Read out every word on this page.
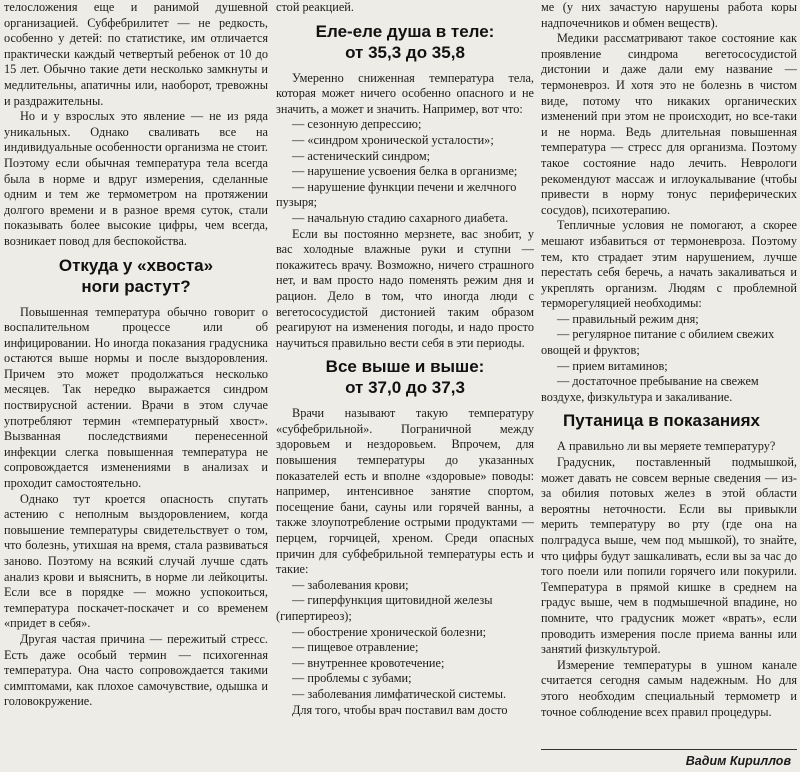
телосложения еще и ранимой душевной организацией. Субфебрилитет — не редкость, особенно у детей: по статистике, им отличается практически каждый четвертый ребенок от 10 до 15 лет. Обычно такие дети несколько замкнуты и медлительны, апатичны или, наоборот, тревожны и раздражительны.

Но и у взрослых это явление — не из ряда уникальных. Однако сваливать все на индивидуальные особенности организма не стоит. Поэтому если обычная температура тела всегда была в норме и вдруг измерения, сделанные одним и тем же термометром на протяжении долгого времени и в разное время суток, стали показывать более высокие цифры, чем всегда, возникает повод для беспокойства.

Откуда у «хвоста»
ноги растут?

Повышенная температура обычно говорит о воспалительном процессе или об инфицировании. Но иногда показания градусника остаются выше нормы и после выздоровления. Причем это может продолжаться несколько месяцев. Так нередко выражается синдром поствирусной астении. Врачи в этом случае употребляют термин «температурный хвост». Вызванная последствиями перенесенной инфекции слегка повышенная температура не сопровождается изменениями в анализах и проходит самостоятельно.

Однако тут кроется опасность спутать астению с неполным выздоровлением, когда повышение температуры свидетельствует о том, что болезнь, утихшая на время, стала развиваться заново. Поэтому на всякий случай лучше сдать анализ крови и выяснить, в норме ли лейкоциты. Если все в порядке — можно успокоиться, температура поскачет-поскачет и со временем «придет в себя».

Другая частая причина — пережитый стресс. Есть даже особый термин — психогенная температура. Она часто сопровождается такими симптомами, как плохое самочувствие, одышка и головокружение.

стой реакцией.

Еле-еле душа в теле:
от 35,3 до 35,8

Умеренно сниженная температура тела, которая может ничего особенно опасного и не значить, а может и значить. Например, вот что:

— сезонную депрессию;

— «синдром хронической усталости»;

— астенический синдром;

— нарушение усвоения белка в организме;

— нарушение функции печени и желчного пузыря;

— начальную стадию сахарного диабета.

Если вы постоянно мерзнете, вас знобит, у вас холодные влажные руки и ступни — покажитесь врачу. Возможно, ничего страшного нет, и вам просто надо поменять режим дня и рацион. Дело в том, что иногда люди с вегетососудистой дистонией таким образом реагируют на изменения погоды, и надо просто научиться правильно вести себя в эти периоды.

Все выше и выше:
от 37,0 до 37,3

Врачи называют такую температуру «субфебрильной». Пограничной между здоровьем и нездоровьем. Впрочем, для повышения температуры до указанных показателей есть и вполне «здоровые» поводы: например, интенсивное занятие спортом, посещение бани, сауны или горячей ванны, а также злоупотребление острыми продуктами — перцем, горчицей, хреном. Среди опасных причин для субфебрильной температуры есть и такие:

— заболевания крови;

— гиперфункция щитовидной железы (гипертиреоз);

— обострение хронической болезни;

— пищевое отравление;

— внутреннее кровотечение;

— проблемы с зубами;

— заболевания лимфатической системы.

Для того, чтобы врач поставил вам досто

ме (у них зачастую нарушены работа коры надпочечников и обмен веществ).

Медики рассматривают такое состояние как проявление синдрома вегетососудистой дистонии и даже дали ему название — термоневроз. И хотя это не болезнь в чистом виде, потому что никаких органических изменений при этом не происходит, но все-таки и не норма. Ведь длительная повышенная температура — стресс для организма. Поэтому такое состояние надо лечить. Неврологи рекомендуют массаж и иглоукалывание (чтобы привести в норму тонус периферических сосудов), психотерапию.

Тепличные условия не помогают, а скорее мешают избавиться от термоневроза. Поэтому тем, кто страдает этим нарушением, лучше перестать себя беречь, а начать закаливаться и укреплять организм. Людям с проблемной терморегуляцией необходимы:

— правильный режим дня;

— регулярное питание с обилием свежих овощей и фруктов;

— прием витаминов;

— достаточное пребывание на свежем воздухе, физкультура и закаливание.

Путаница в показаниях

А правильно ли вы меряете температуру?

Градусник, поставленный подмышкой, может давать не совсем верные сведения — из-за обилия потовых желез в этой области вероятны неточности. Если вы привыкли мерить температуру во рту (где она на полградуса выше, чем под мышкой), то знайте, что цифры будут зашкаливать, если вы за час до того поели или попили горячего или покурили. Температура в прямой кишке в среднем на градус выше, чем в подмышечной впадине, но помните, что градусник может «врать», если проводить измерения после приема ванны или занятий физкультурой.

Измерение температуры в ушном канале считается сегодня самым надежным. Но для этого необходим специальный термометр и точное соблюдение всех правил процедуры.

Вадим Кириллов
